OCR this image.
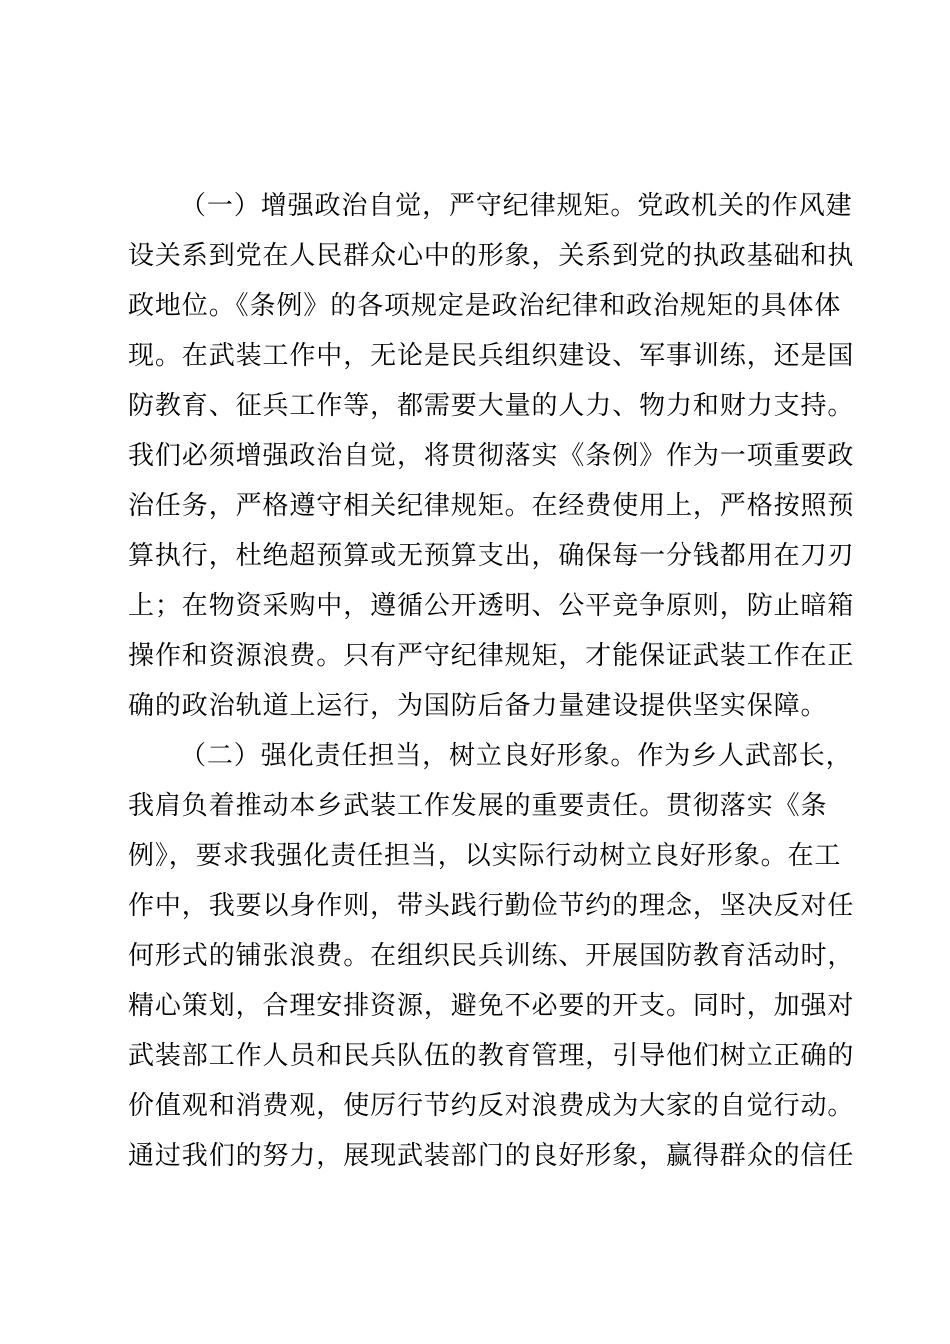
（一）增强政治自觉，严守纪律规矩。党政机关的作风建
设关系到党在人民群众心中的形象，关系到党的执政基础和执
政地位。《条例》的各项规定是政治纪律和政治规矩的具体体
现。在武装工作中，无论是民兵组织建设、军事训练，还是国
防教育、征兵工作等，都需要大量的人力、物力和财力支持。
我们必须增强政治自觉，将贯彻落实《条例》作为一项重要政
治任务，严格遵守相关纪律规矩。在经费使用上，严格按照预
算执行，杜绝超预算或无预算支出，确保每一分钱都用在刀刃
上；在物资采购中，遵循公开透明、公平竞争原则，防止暗箱
操作和资源浪费。只有严守纪律规矩，才能保证武装工作在正
确的政治轨道上运行，为国防后备力量建设提供坚实保障。
（二）强化责任担当，树立良好形象。作为乡人武部长，
我肩负着推动本乡武装工作发展的重要责任。贯彻落实《条
例》，要求我强化责任担当，以实际行动树立良好形象。在工
作中，我要以身作则，带头践行勤俭节约的理念，坚决反对任
何形式的铺张浪费。在组织民兵训练、开展国防教育活动时，
精心策划，合理安排资源，避免不必要的开支。同时，加强对
武装部工作人员和民兵队伍的教育管理，引导他们树立正确的
价值观和消费观，使厉行节约反对浪费成为大家的自觉行动。
通过我们的努力，展现武装部门的良好形象，赢得群众的信任
